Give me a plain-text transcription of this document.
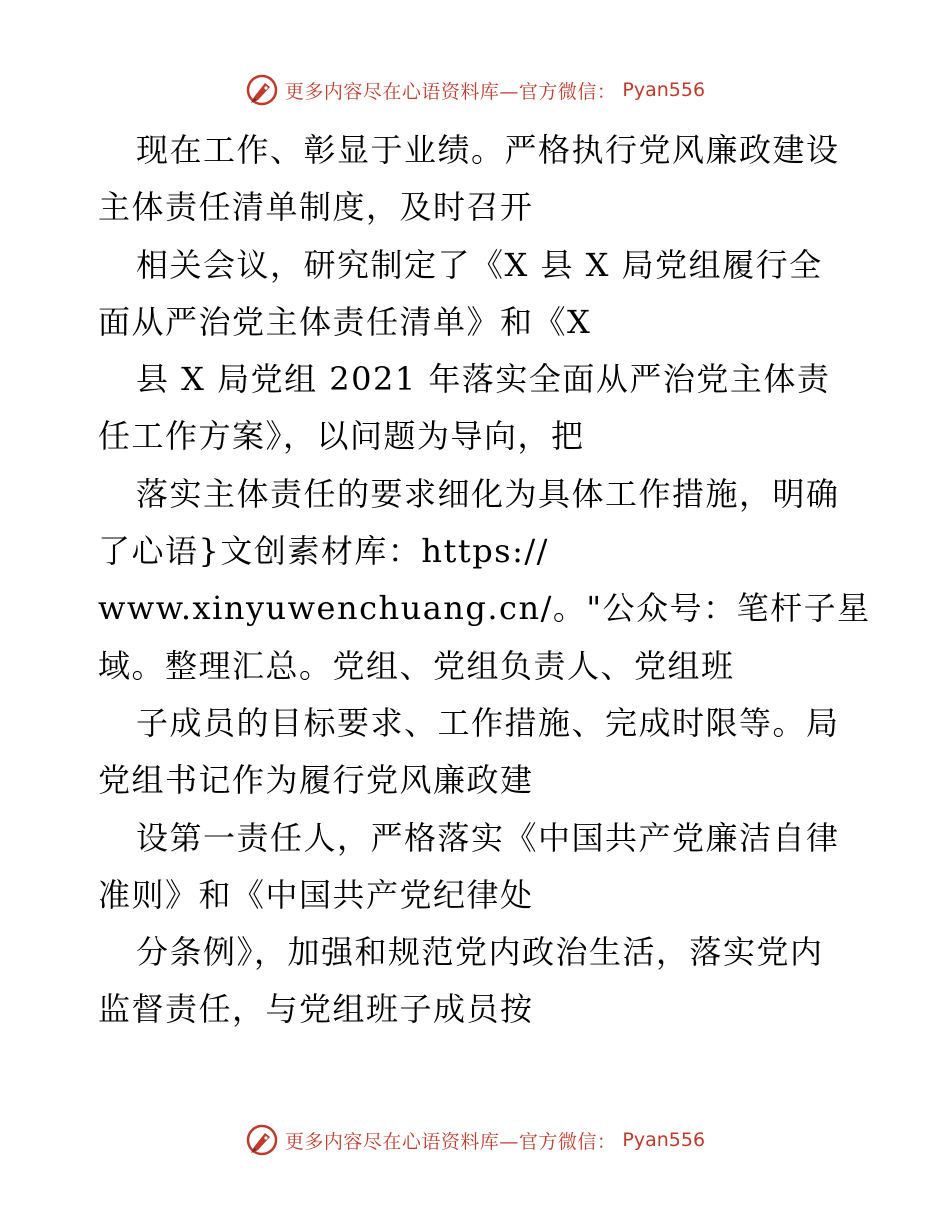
更多内容尽在心语资料库—官方微信： Pyan556
现在工作、彰显于业绩。严格执行党风廉政建设
主体责任清单制度，及时召开
相关会议，研究制定了《X 县 X 局党组履行全
面从严治党主体责任清单》和《X
县 X 局党组 2021 年落实全面从严治党主体责
任工作方案》，以问题为导向，把
落实主体责任的要求细化为具体工作措施，明确
了心语}文创素材库：https://
www.xinyuwenchuang.cn/。"公众号：笔杆子星
域。整理汇总。党组、党组负责人、党组班
子成员的目标要求、工作措施、完成时限等。局
党组书记作为履行党风廉政建
设第一责任人，严格落实《中国共产党廉洁自律
准则》和《中国共产党纪律处
分条例》，加强和规范党内政治生活，落实党内
监督责任，与党组班子成员按
更多内容尽在心语资料库—官方微信： Pyan556
